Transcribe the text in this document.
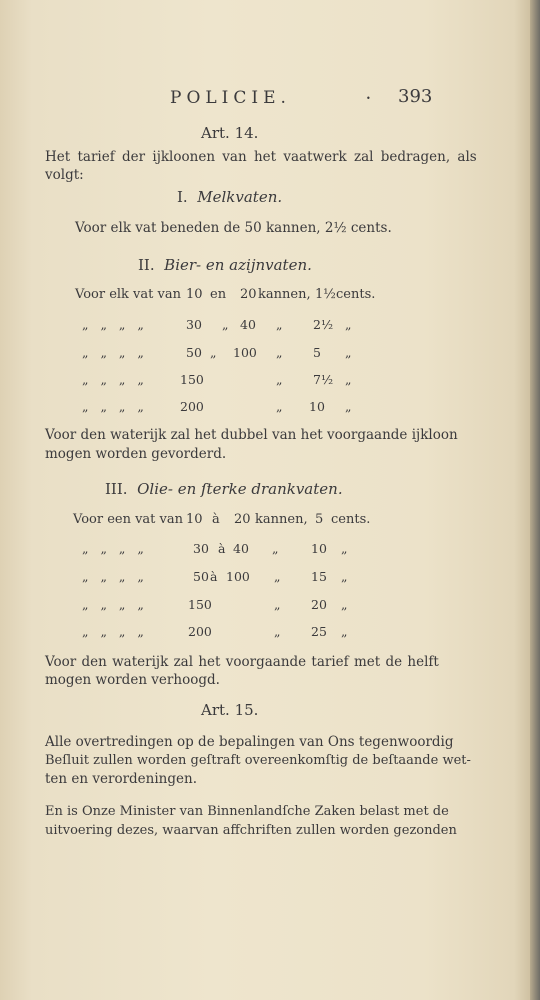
POLICIE.	• 393
Art. 14.
Het tarief der ijkloonen van het vaatwerk zal bedragen, als
volgt:
I. Melkvaten.
Voor elk vat beneden de 50 kannen, 2½ cents.
II. Bier- en azijnvaten.
Voor elk vat van 10 en 20 kannen, 1½ cents.
„ „ „ „	30 „ 40 „ 2½ „
„ „ „ „	50 „ 100 „ 5 „
„ „ „ „	150	„ 7½ „
„ „ „ „	200	„ 10 „
Voor den waterijk zal het dubbel van het voorgaande ijkloon
mogen worden gevorderd.
III. Olie- en ſterke drankvaten.
Voor een vat van 10 à 20 kannen, 5 cents.
„ „ „ „	30 à 40 „	10 „
„ „ „ „	50 à 100 „ 15 „
„ „ „ „	150	„ 20 „
„ „ „ „	200	„ 25 „
Voor den waterijk zal het voorgaande tarief met de helft
mogen worden verhoogd.
Art. 15.
Alle overtredingen op de bepalingen van Ons tegenwoordig
Beſluit zullen worden geſtraft overeenkomſtig de beſtaande wet-
ten en verordeningen.
En is Onze Minister van Binnenlandſche Zaken belast met de
uitvoering dezes, waarvan affchriften zullen worden gezonden
